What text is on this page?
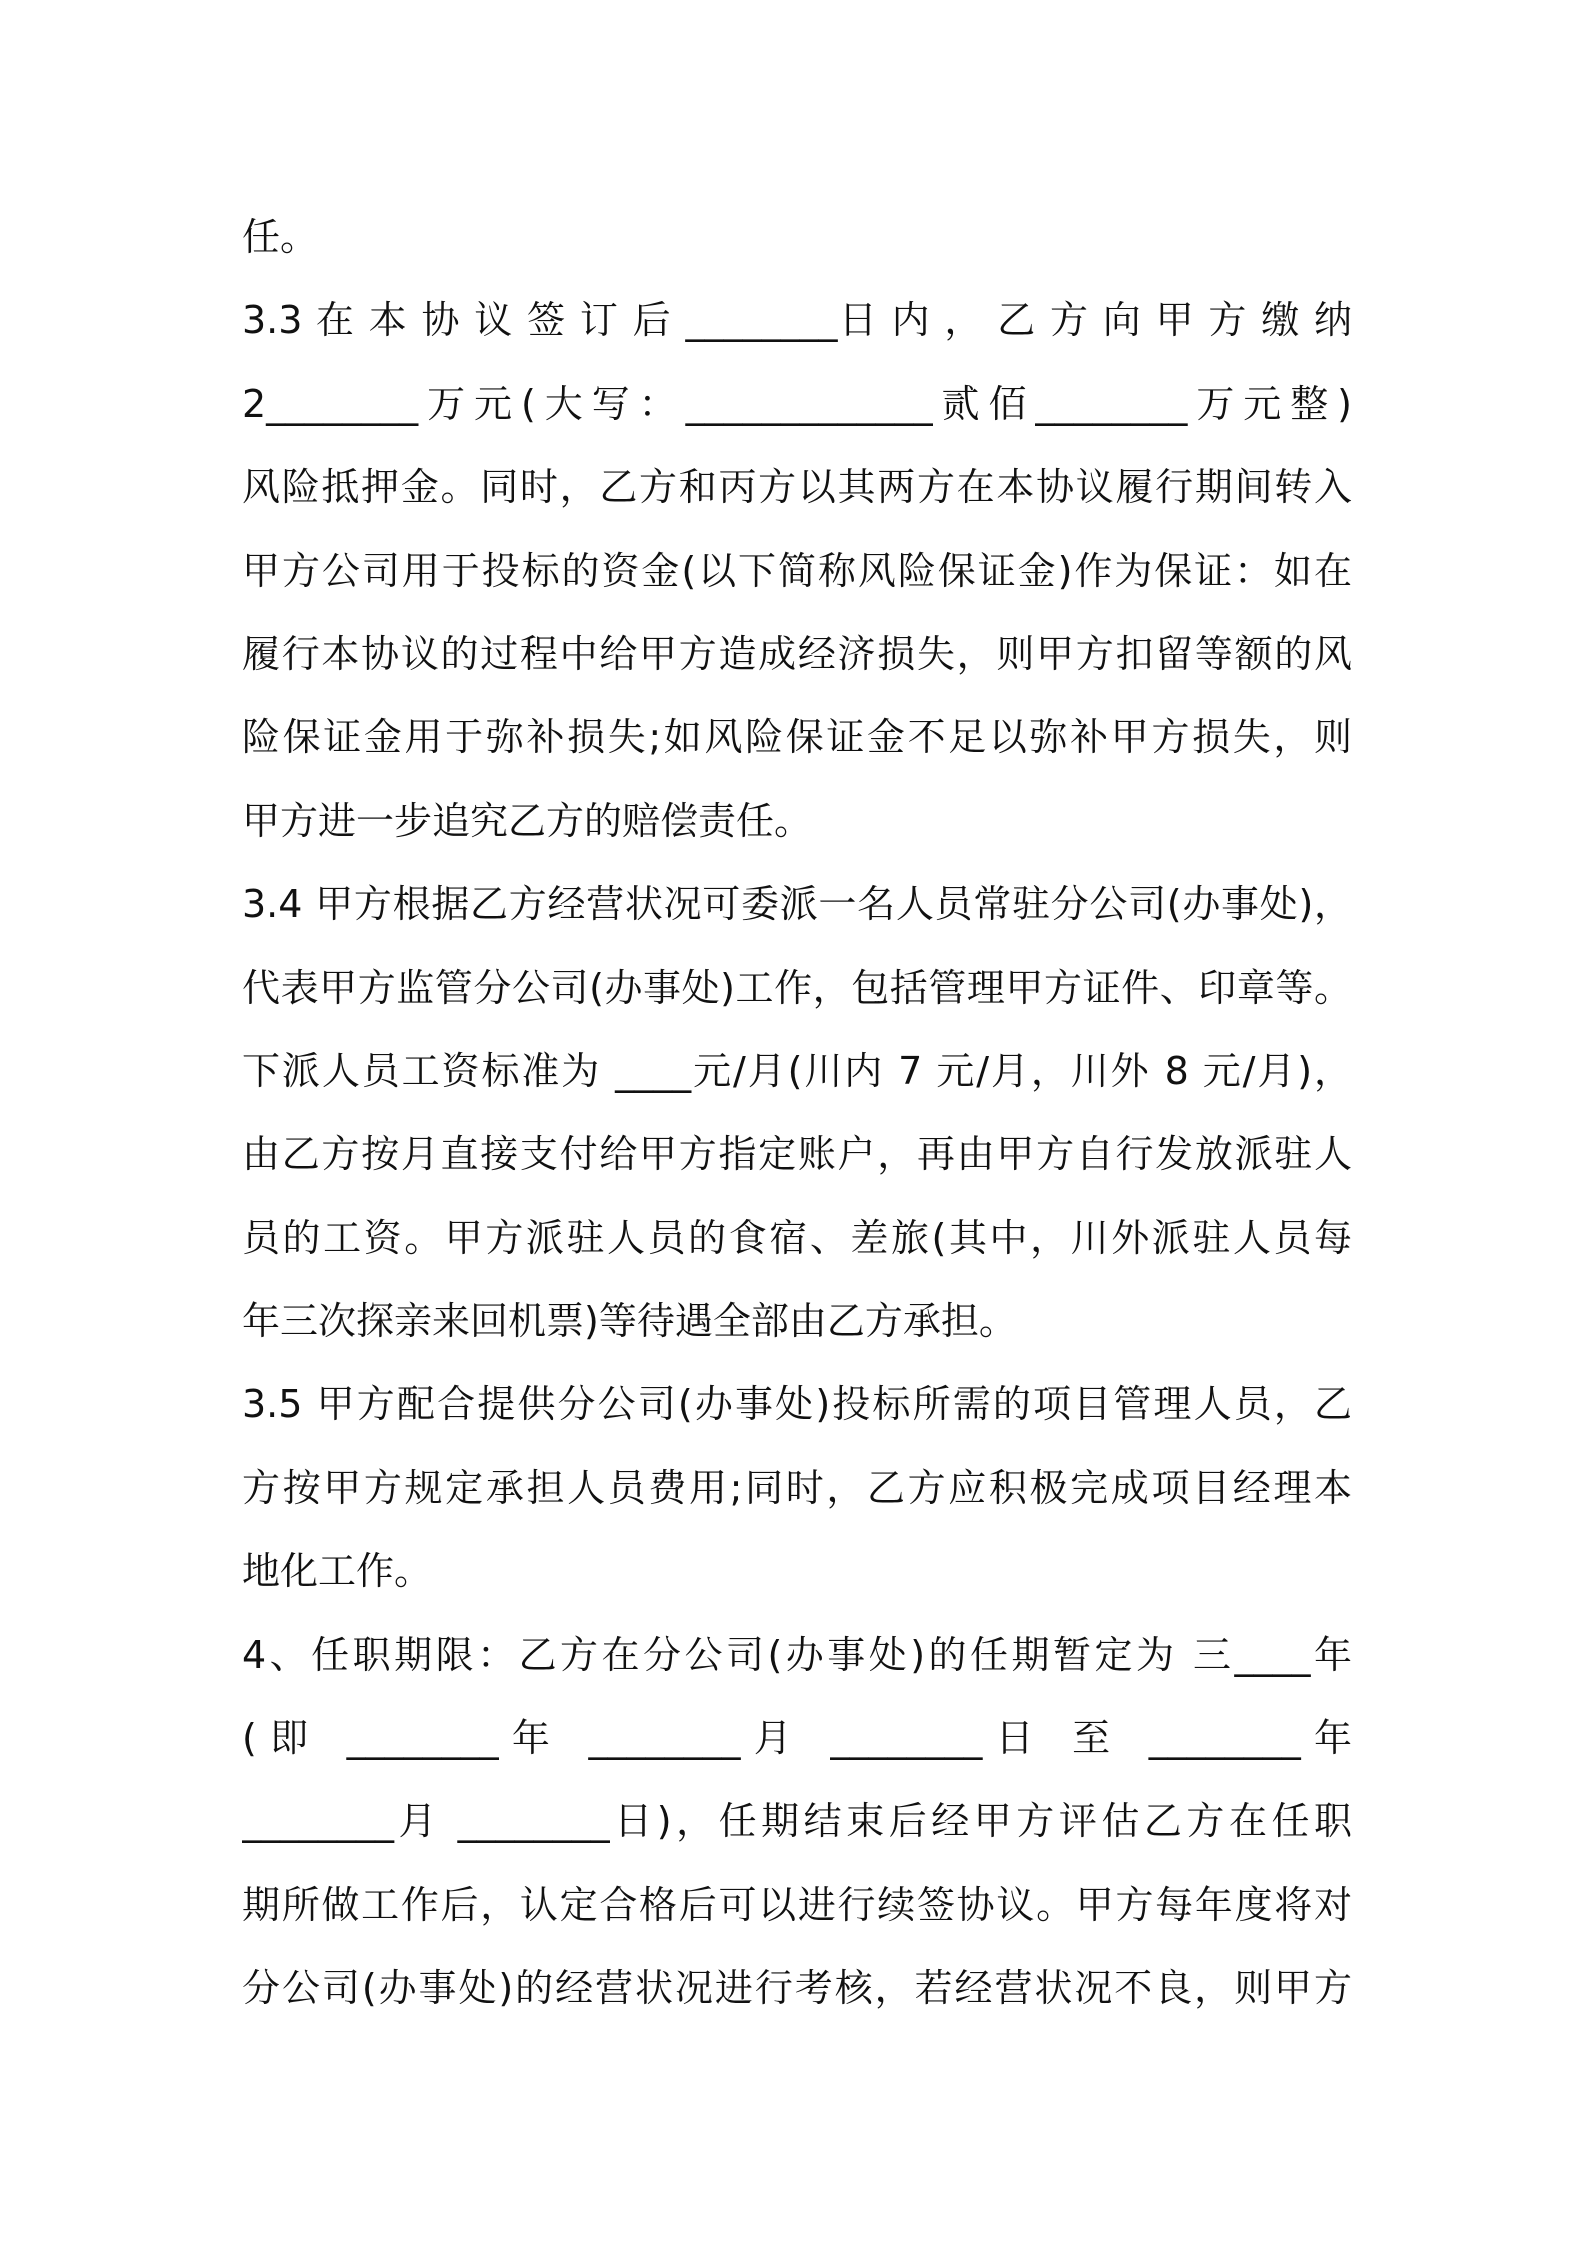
任。
3.3 在 本 协 议 签 订 后 ________日 内 ， 乙 方 向 甲 方 缴 纳
2________万元(大写：_____________贰佰________万元整)
风险抵押金。同时，乙方和丙方以其两方在本协议履行期间转入
甲方公司用于投标的资金(以下简称风险保证金)作为保证：如在
履行本协议的过程中给甲方造成经济损失，则甲方扣留等额的风
险保证金用于弥补损失;如风险保证金不足以弥补甲方损失，则
甲方进一步追究乙方的赔偿责任。
3.4 甲方根据乙方经营状况可委派一名人员常驻分公司(办事处)，
代表甲方监管分公司(办事处)工作，包括管理甲方证件、印章等。
下派人员工资标准为 ____元/月(川内 7 元/月，川外 8 元/月)，
由乙方按月直接支付给甲方指定账户，再由甲方自行发放派驻人
员的工资。甲方派驻人员的食宿、差旅(其中，川外派驻人员每
年三次探亲来回机票)等待遇全部由乙方承担。
3.5 甲方配合提供分公司(办事处)投标所需的项目管理人员，乙
方按甲方规定承担人员费用;同时，乙方应积极完成项目经理本
地化工作。
4、任职期限：乙方在分公司(办事处)的任期暂定为 三____年
(即 ________年 ________月 ________日 至 ________年
________月 ________日)，任期结束后经甲方评估乙方在任职
期所做工作后，认定合格后可以进行续签协议。甲方每年度将对
分公司(办事处)的经营状况进行考核，若经营状况不良，则甲方
